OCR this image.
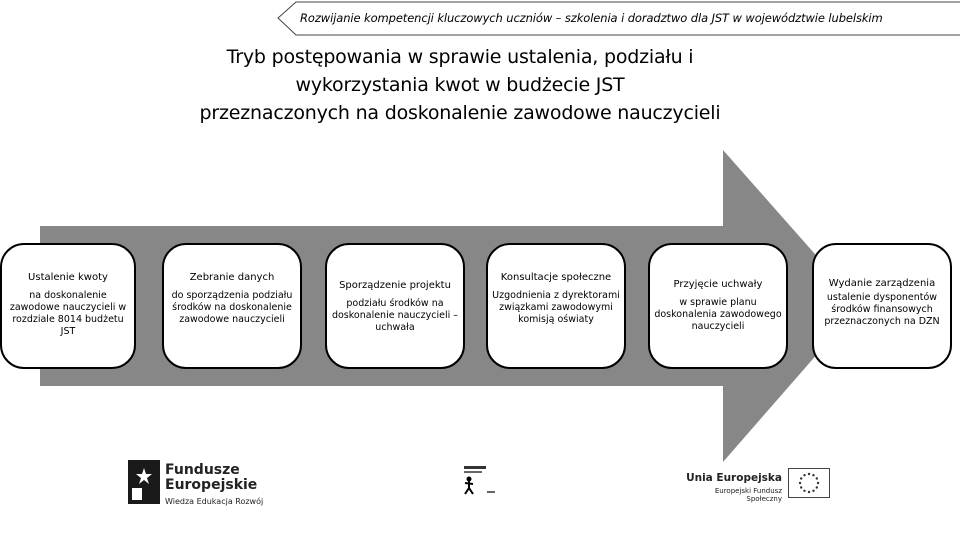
Rozwijanie kompetencji kluczowych uczniów – szkolenia i doradztwo dla JST w województwie lubelskim
Tryb postępowania w sprawie ustalenia, podziału i
wykorzystania kwot w budżecie JST
przeznaczonych na doskonalenie zawodowe nauczycieli
Ustalenie kwoty
na doskonalenie zawodowe nauczycieli w rozdziale 8014 budżetu JST
Zebranie danych
do sporządzenia podziału środków na doskonalenie zawodowe nauczycieli
Sporządzenie projektu
podziału środków na doskonalenie nauczycieli – uchwała
Konsultacje społeczne
Uzgodnienia z dyrektorami związkami zawodowymi komisją oświaty
Przyjęcie uchwały
w sprawie planu doskonalenia zawodowego nauczycieli
Wydanie zarządzenia
ustalenie dysponentów środków finansowych przeznaczonych na DZN
Fundusze
Europejskie
Wiedza Edukacja Rozwój
Unia Europejska
Europejski Fundusz Społeczny
